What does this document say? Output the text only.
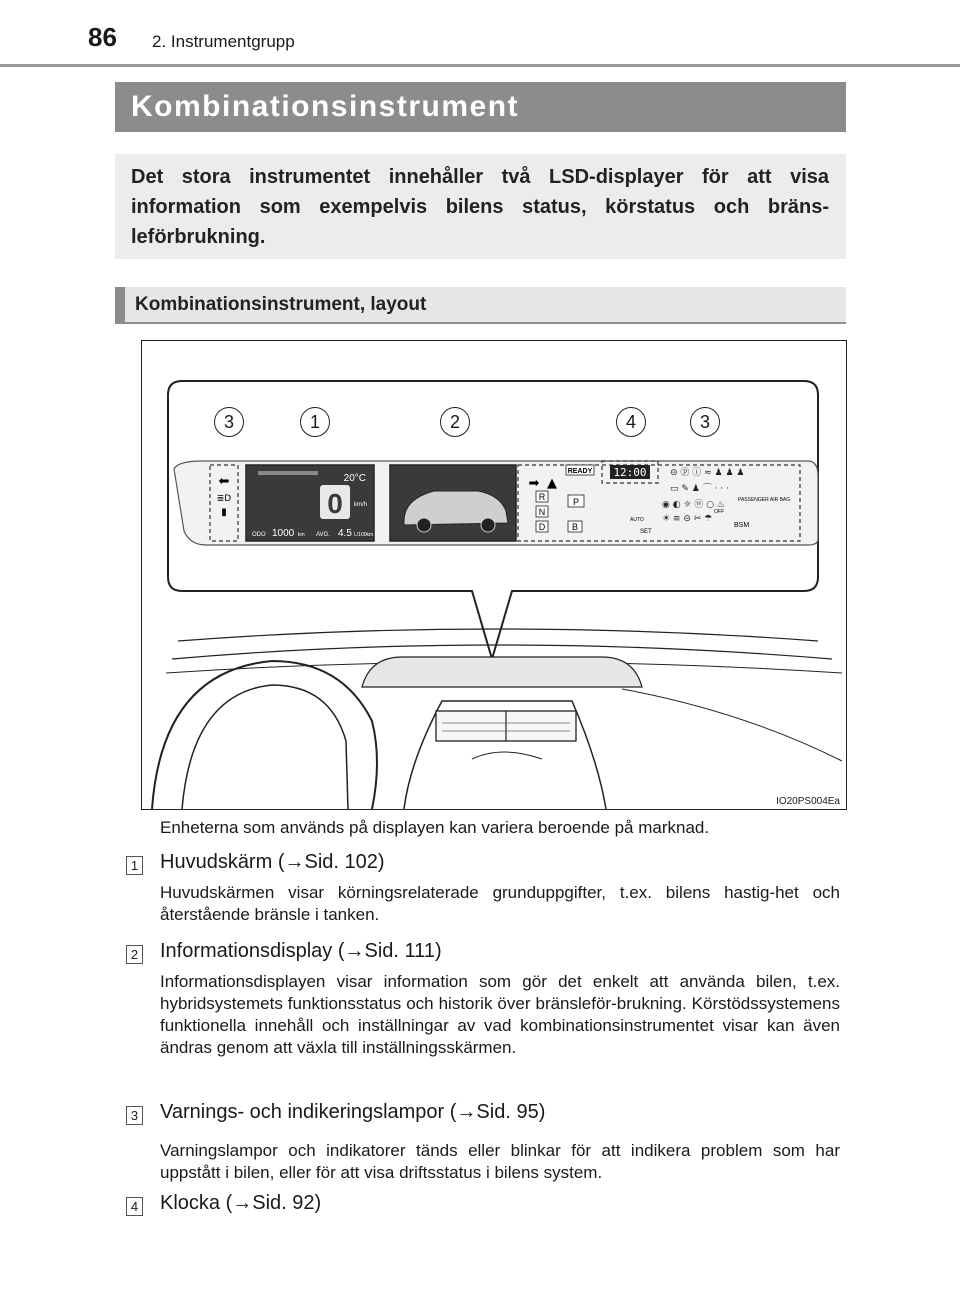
86 2. Instrumentgrupp
Kombinationsinstrument

Det stora instrumentet innehåller två LSD-displayer för att visa information som exempelvis bilens status, körstatus och bräns-leförbrukning.

Kombinationsinstrument, layout
⬅
≣D
▮
20°C
0 km/h
ODO 1000 km AVG. 4.5 L/100km
➡ ▲
READY 12:00
R
N
D
P
B
AUTO
SET
PASSENGER AIR BAG
BSM
OFF
⊝ ⓟ ⓘ ≈ ♟ ♟ ♟
▭ ✎ ♟ ⌒ · · ·
◉ ◐ ☼ ⓦ ○ ♨
☀ ≡ ⊝ ✂ ☂
3	1	2	4	3
IO20PS004Ea
Enheterna som används på displayen kan variera beroende på marknad.
1 Huvudskärm (→Sid. 102)

Huvudskärmen visar körningsrelaterade grunduppgifter, t.ex. bilens hastig-het och återstående bränsle i tanken.

2 Informationsdisplay (→Sid. 111)

Informationsdisplayen visar information som gör det enkelt att använda bilen, t.ex. hybridsystemets funktionsstatus och historik över bränsleför-brukning. Körstödssystemens funktionella innehåll och inställningar av vad kombinationsinstrumentet visar kan även ändras genom att växla till inställningsskärmen.

3 Varnings- och indikeringslampor (→Sid. 95)

Varningslampor och indikatorer tänds eller blinkar för att indikera problem som har uppstått i bilen, eller för att visa driftsstatus i bilens system.

4 Klocka (→Sid. 92)
